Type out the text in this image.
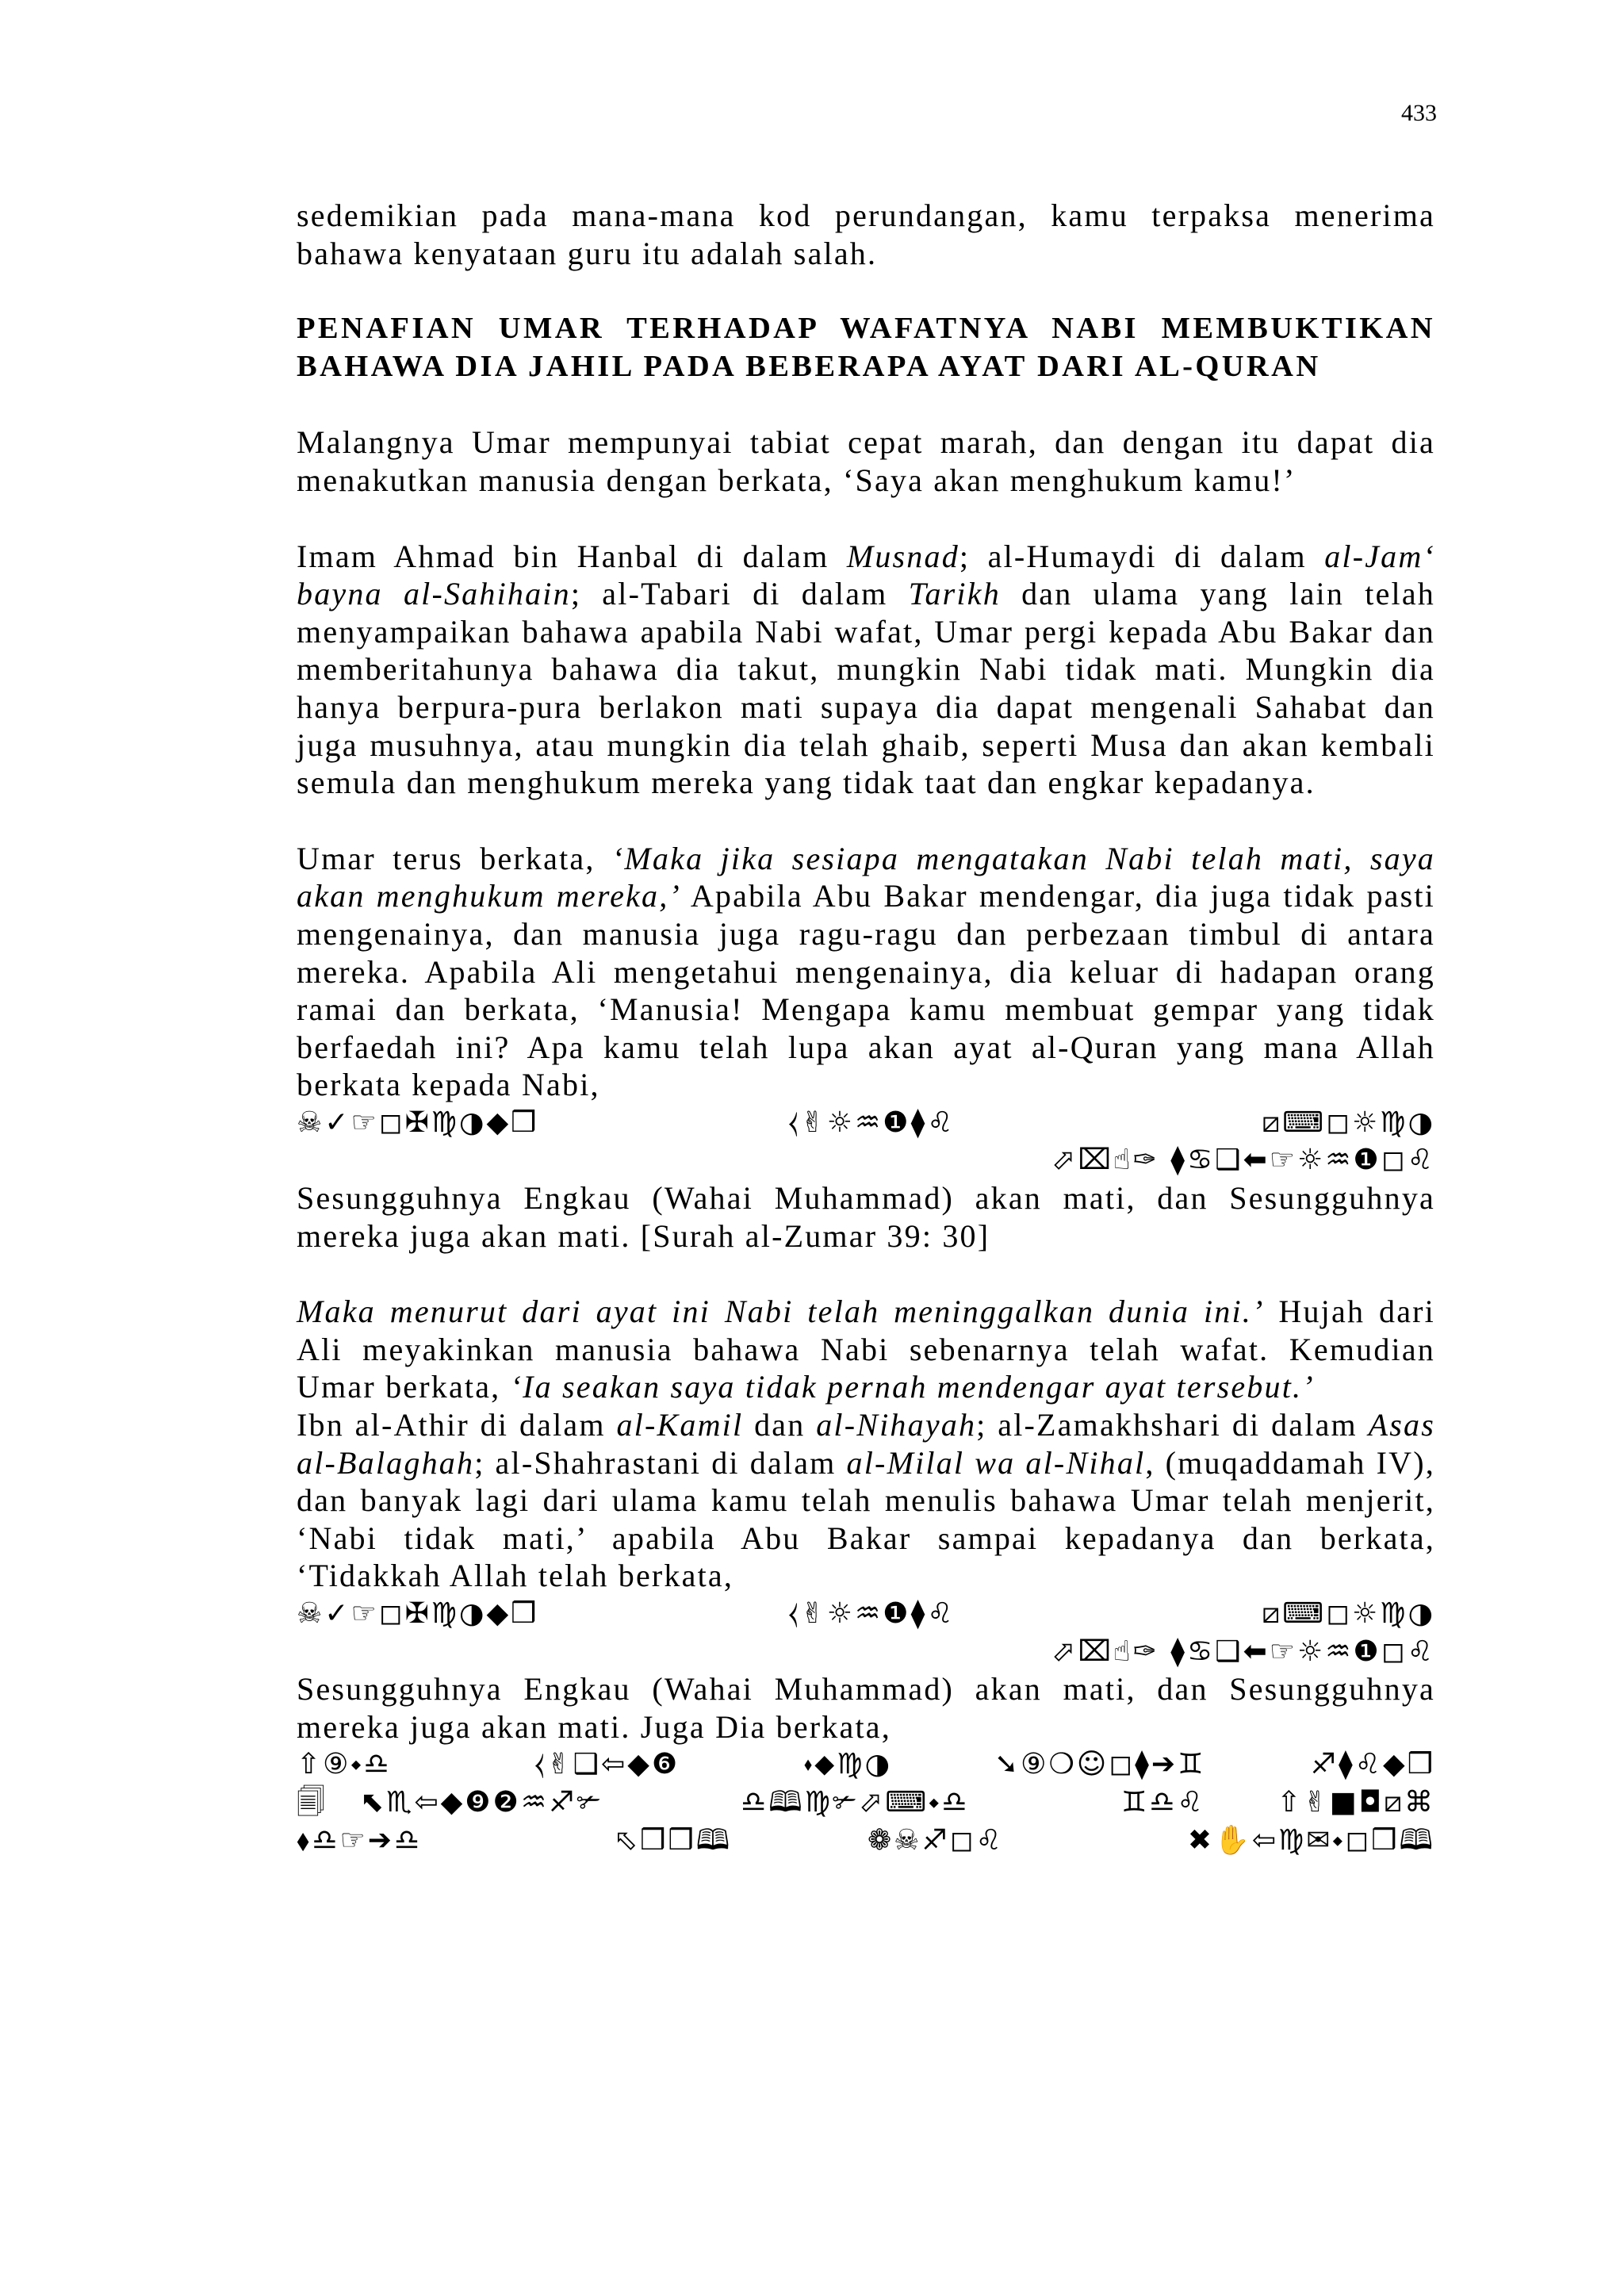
433

sedemikian pada mana-mana kod perundangan, kamu terpaksa menerima bahawa kenyataan guru itu adalah salah.

PENAFIAN UMAR TERHADAP WAFATNYA NABI MEMBUKTIKAN BAHAWA DIA JAHIL PADA BEBERAPA AYAT DARI AL-QURAN

Malangnya Umar mempunyai tabiat cepat marah, dan dengan itu dapat dia menakutkan manusia dengan berkata, ‘Saya akan menghukum kamu!’

Imam Ahmad bin Hanbal di dalam Musnad; al-Humaydi di dalam al-Jam‘ bayna al-Sahihain; al-Tabari di dalam Tarikh dan ulama yang lain telah menyampaikan bahawa apabila Nabi wafat, Umar pergi kepada Abu Bakar dan memberitahunya bahawa dia takut, mungkin Nabi tidak mati. Mungkin dia hanya berpura-pura berlakon mati supaya dia dapat mengenali Sahabat dan juga musuhnya, atau mungkin dia telah ghaib, seperti Musa dan akan kembali semula dan menghukum mereka yang tidak taat dan engkar kepadanya.

Umar terus berkata, ‘Maka jika sesiapa mengatakan Nabi telah mati, saya akan menghukum mereka,’ Apabila Abu Bakar mendengar, dia juga tidak pasti mengenainya, dan manusia juga ragu-ragu dan perbezaan timbul di antara mereka. Apabila Ali mengetahui mengenainya, dia keluar di hadapan orang ramai dan berkata, ‘Manusia! Mengapa kamu membuat gempar yang tidak berfaedah ini? Apa kamu telah lupa akan ayat al-Quran yang mana Allah berkata kepada Nabi,

☠✓☞◻✠♍◑◆❒	⧼✌☼♒❶⧫♌	⧄⌨◻☼♍◑
⬀⌧☝✑ ⧫♋❑⬅☞☼♒❶◻♌

Sesungguhnya Engkau (Wahai Muhammad) akan mati, dan Sesungguhnya mereka juga akan mati. [Surah al-Zumar 39: 30]

Maka menurut dari ayat ini Nabi telah meninggalkan dunia ini.’ Hujah dari Ali meyakinkan manusia bahawa Nabi sebenarnya telah wafat. Kemudian Umar berkata, ‘Ia seakan saya tidak pernah mendengar ayat tersebut.’

Ibn al-Athir di dalam al-Kamil dan al-Nihayah; al-Zamakhshari di dalam Asas al-Balaghah; al-Shahrastani di dalam al-Milal wa al-Nihal, (muqaddamah IV), dan banyak lagi dari ulama kamu telah menulis bahawa Umar telah menjerit, ‘Nabi tidak mati,’ apabila Abu Bakar sampai kepadanya dan berkata, ‘Tidakkah Allah telah berkata,

☠✓☞◻✠♍◑◆❒	⧼✌☼♒❶⧫♌	⧄⌨◻☼♍◑
⬀⌧☝✑ ⧫♋❑⬅☞☼♒❶◻♌

Sesungguhnya Engkau (Wahai Muhammad) akan mati, dan Sesungguhnya mereka juga akan mati. Juga Dia berkata,

⇧⑨⬩♎	⧼✌❑⇦◆❻	⬪⬥♍◑	➘⑨❍☺◻⧫➔♊	♐⧫♌◆❒
🗐 ⬉♏⇦◆❾❷♒♐✃	♎🕮♍✃⬀⌨⬩♎	♊♎♌	⇧✌■◘⧄⌘
⬧♎☞➔♎	⬁❒❒🕮	❁☠♐◻♌	✖✋⇦♍✉⬩◻❒🕮
